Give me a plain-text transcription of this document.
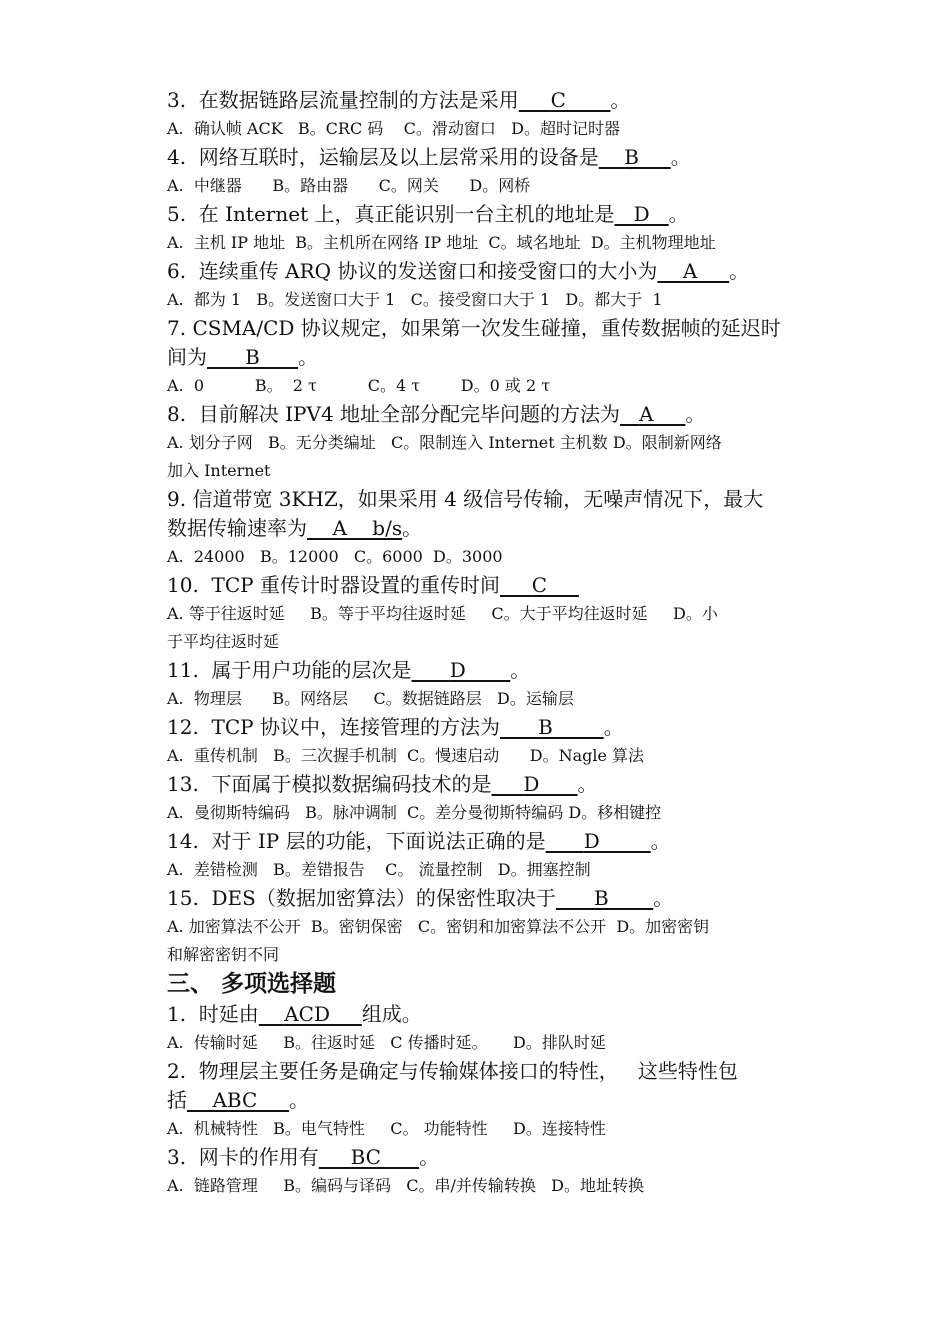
3.  在数据链路层流量控制的方法是采用     C       。
A.  确认帧 ACK   B。CRC 码    C。滑动窗口   D。超时记时器
4.  网络互联时，运输层及以上层常采用的设备是    B     。
A.  中继器      B。路由器      C。网关      D。网桥
5.  在 Internet 上，真正能识别一台主机的地址是   D   。
A.  主机 IP 地址  B。主机所在网络 IP 地址  C。域名地址  D。主机物理地址
6.  连续重传 ARQ 协议的发送窗口和接受窗口的大小为    A     。
A.  都为 1   B。发送窗口大于 1   C。接受窗口大于 1   D。都大于  1
7. CSMA/CD 协议规定，如果第一次发生碰撞，重传数据帧的延迟时
间为      B      。
A.  0          B。  2 τ          C。4 τ        D。0 或 2 τ
8.  目前解决 IPV4 地址全部分配完毕问题的方法为   A     。
A. 划分子网   B。无分类编址   C。限制连入 Internet 主机数 D。限制新网络
加入 Internet
9. 信道带宽 3KHZ，如果采用 4 级信号传输，无噪声情况下，最大
数据传输速率为    A    b/s。
A.  24000   B。12000   C。6000  D。3000
10.  TCP 重传计时器设置的重传时间     C
A. 等于往返时延     B。等于平均往返时延     C。大于平均往返时延     D。小
于平均往返时延
11.  属于用户功能的层次是      D       。
A.  物理层      B。网络层     C。数据链路层   D。运输层
12.  TCP 协议中，连接管理的方法为      B        。
A.  重传机制   B。三次握手机制  C。慢速启动      D。Nagle 算法
13.  下面属于模拟数据编码技术的是     D      。
A.  曼彻斯特编码   B。脉冲调制  C。差分曼彻斯特编码 D。移相键控
14.  对于 IP 层的功能，下面说法正确的是      D        。
A.  差错检测   B。差错报告    C。 流量控制   D。拥塞控制
15.  DES（数据加密算法）的保密性取决于      B       。
A. 加密算法不公开  B。密钥保密   C。密钥和加密算法不公开  D。加密密钥
和解密密钥不同
三、 多项选择题
1.  时延由    ACD     组成。
A.  传输时延     B。往返时延   C 传播时延。     D。排队时延
2.  物理层主要任务是确定与传输媒体接口的特性，   这些特性包
括    ABC     。
A.  机械特性   B。电气特性     C。 功能特性     D。连接特性
3.  网卡的作用有     BC      。
A.  链路管理     B。编码与译码   C。串/并传输转换   D。地址转换
